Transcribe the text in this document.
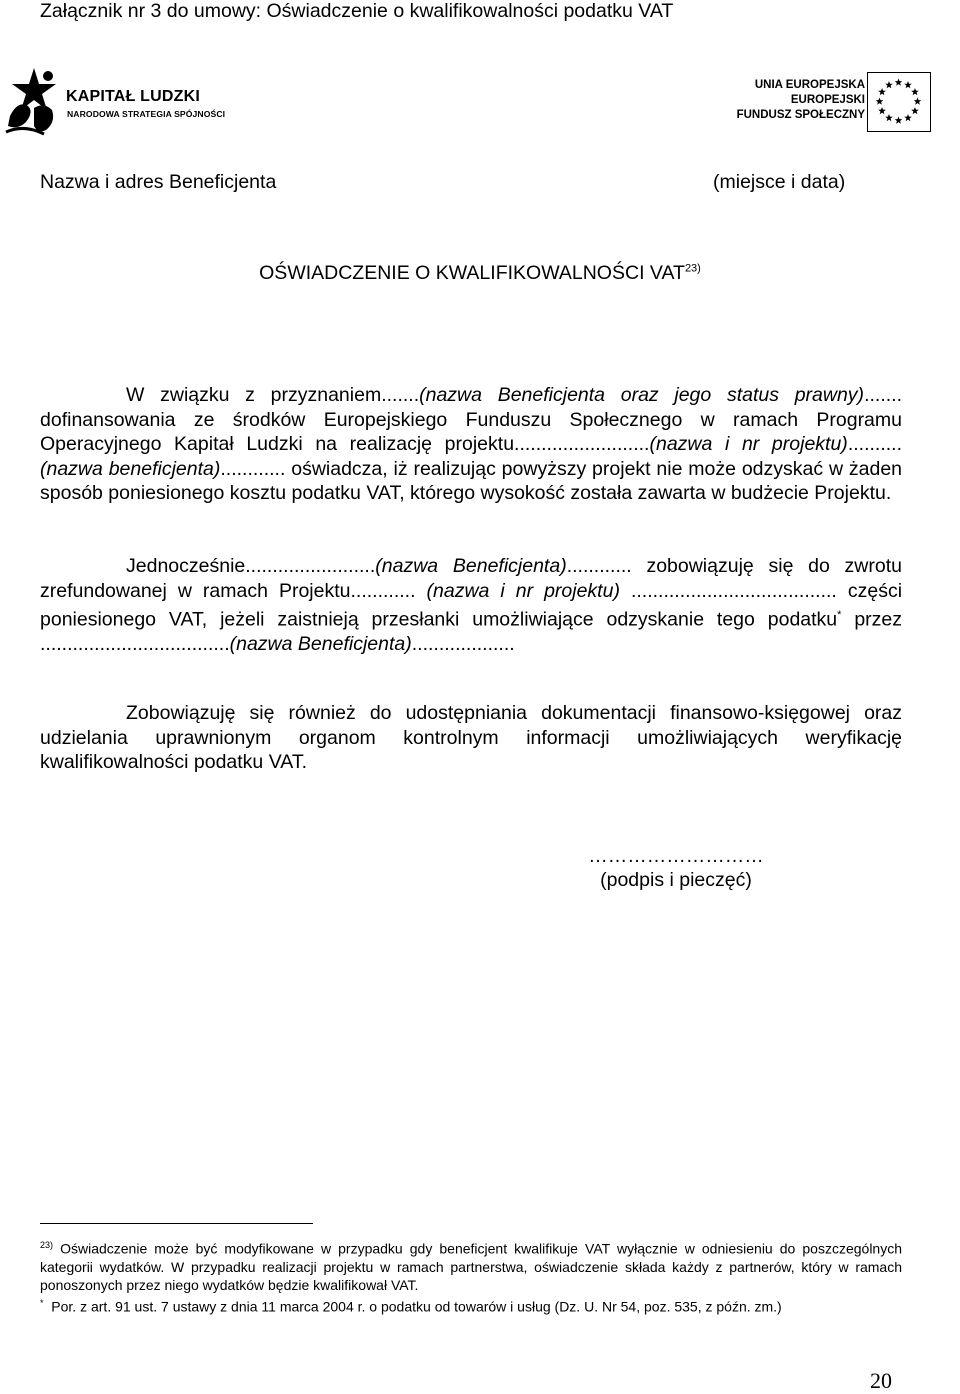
Załącznik nr 3 do umowy: Oświadczenie o kwalifikowalności podatku VAT
KAPITAŁ LUDZKI
NARODOWA STRATEGIA SPÓJNOŚCI
UNIA EUROPEJSKA
EUROPEJSKI
FUNDUSZ SPOŁECZNY
Nazwa i adres Beneficjenta	(miejsce i data)
OŚWIADCZENIE O KWALIFIKOWALNOŚCI VAT$^{23)}$
W związku z przyznaniem.......(nazwa Beneficjenta oraz jego status prawny)....... dofinansowania ze środków Europejskiego Funduszu Społecznego w ramach Programu Operacyjnego Kapitał Ludzki na realizację projektu.........................(nazwa i nr projektu)..........(nazwa beneficjenta)............ oświadcza, iż realizując powyższy projekt nie może odzyskać w żaden sposób poniesionego kosztu podatku VAT, którego wysokość została zawarta w budżecie Projektu.
Jednocześnie........................(nazwa Beneficjenta)............ zobowiązuję się do zwrotu zrefundowanej w ramach Projektu............ (nazwa i nr projektu) ...................................... części poniesionego VAT, jeżeli zaistnieją przesłanki umożliwiające odzyskanie tego podatku* przez ...................................(nazwa Beneficjenta)...................
Zobowiązuję się również do udostępniania dokumentacji finansowo-księgowej oraz udzielania uprawnionym organom kontrolnym informacji umożliwiających weryfikację kwalifikowalności podatku VAT.
………………………
(podpis i pieczęć)
$^{23)}$ Oświadczenie może być modyfikowane w przypadku gdy beneficjent kwalifikuje VAT wyłącznie w odniesieniu do poszczególnych kategorii wydatków. W przypadku realizacji projektu w ramach partnerstwa, oświadczenie składa każdy z partnerów, który w ramach ponoszonych przez niego wydatków będzie kwalifikował VAT.
* Por. z art. 91 ust. 7 ustawy z dnia 11 marca 2004 r. o podatku od towarów i usług (Dz. U. Nr 54, poz. 535, z późn. zm.)
20
